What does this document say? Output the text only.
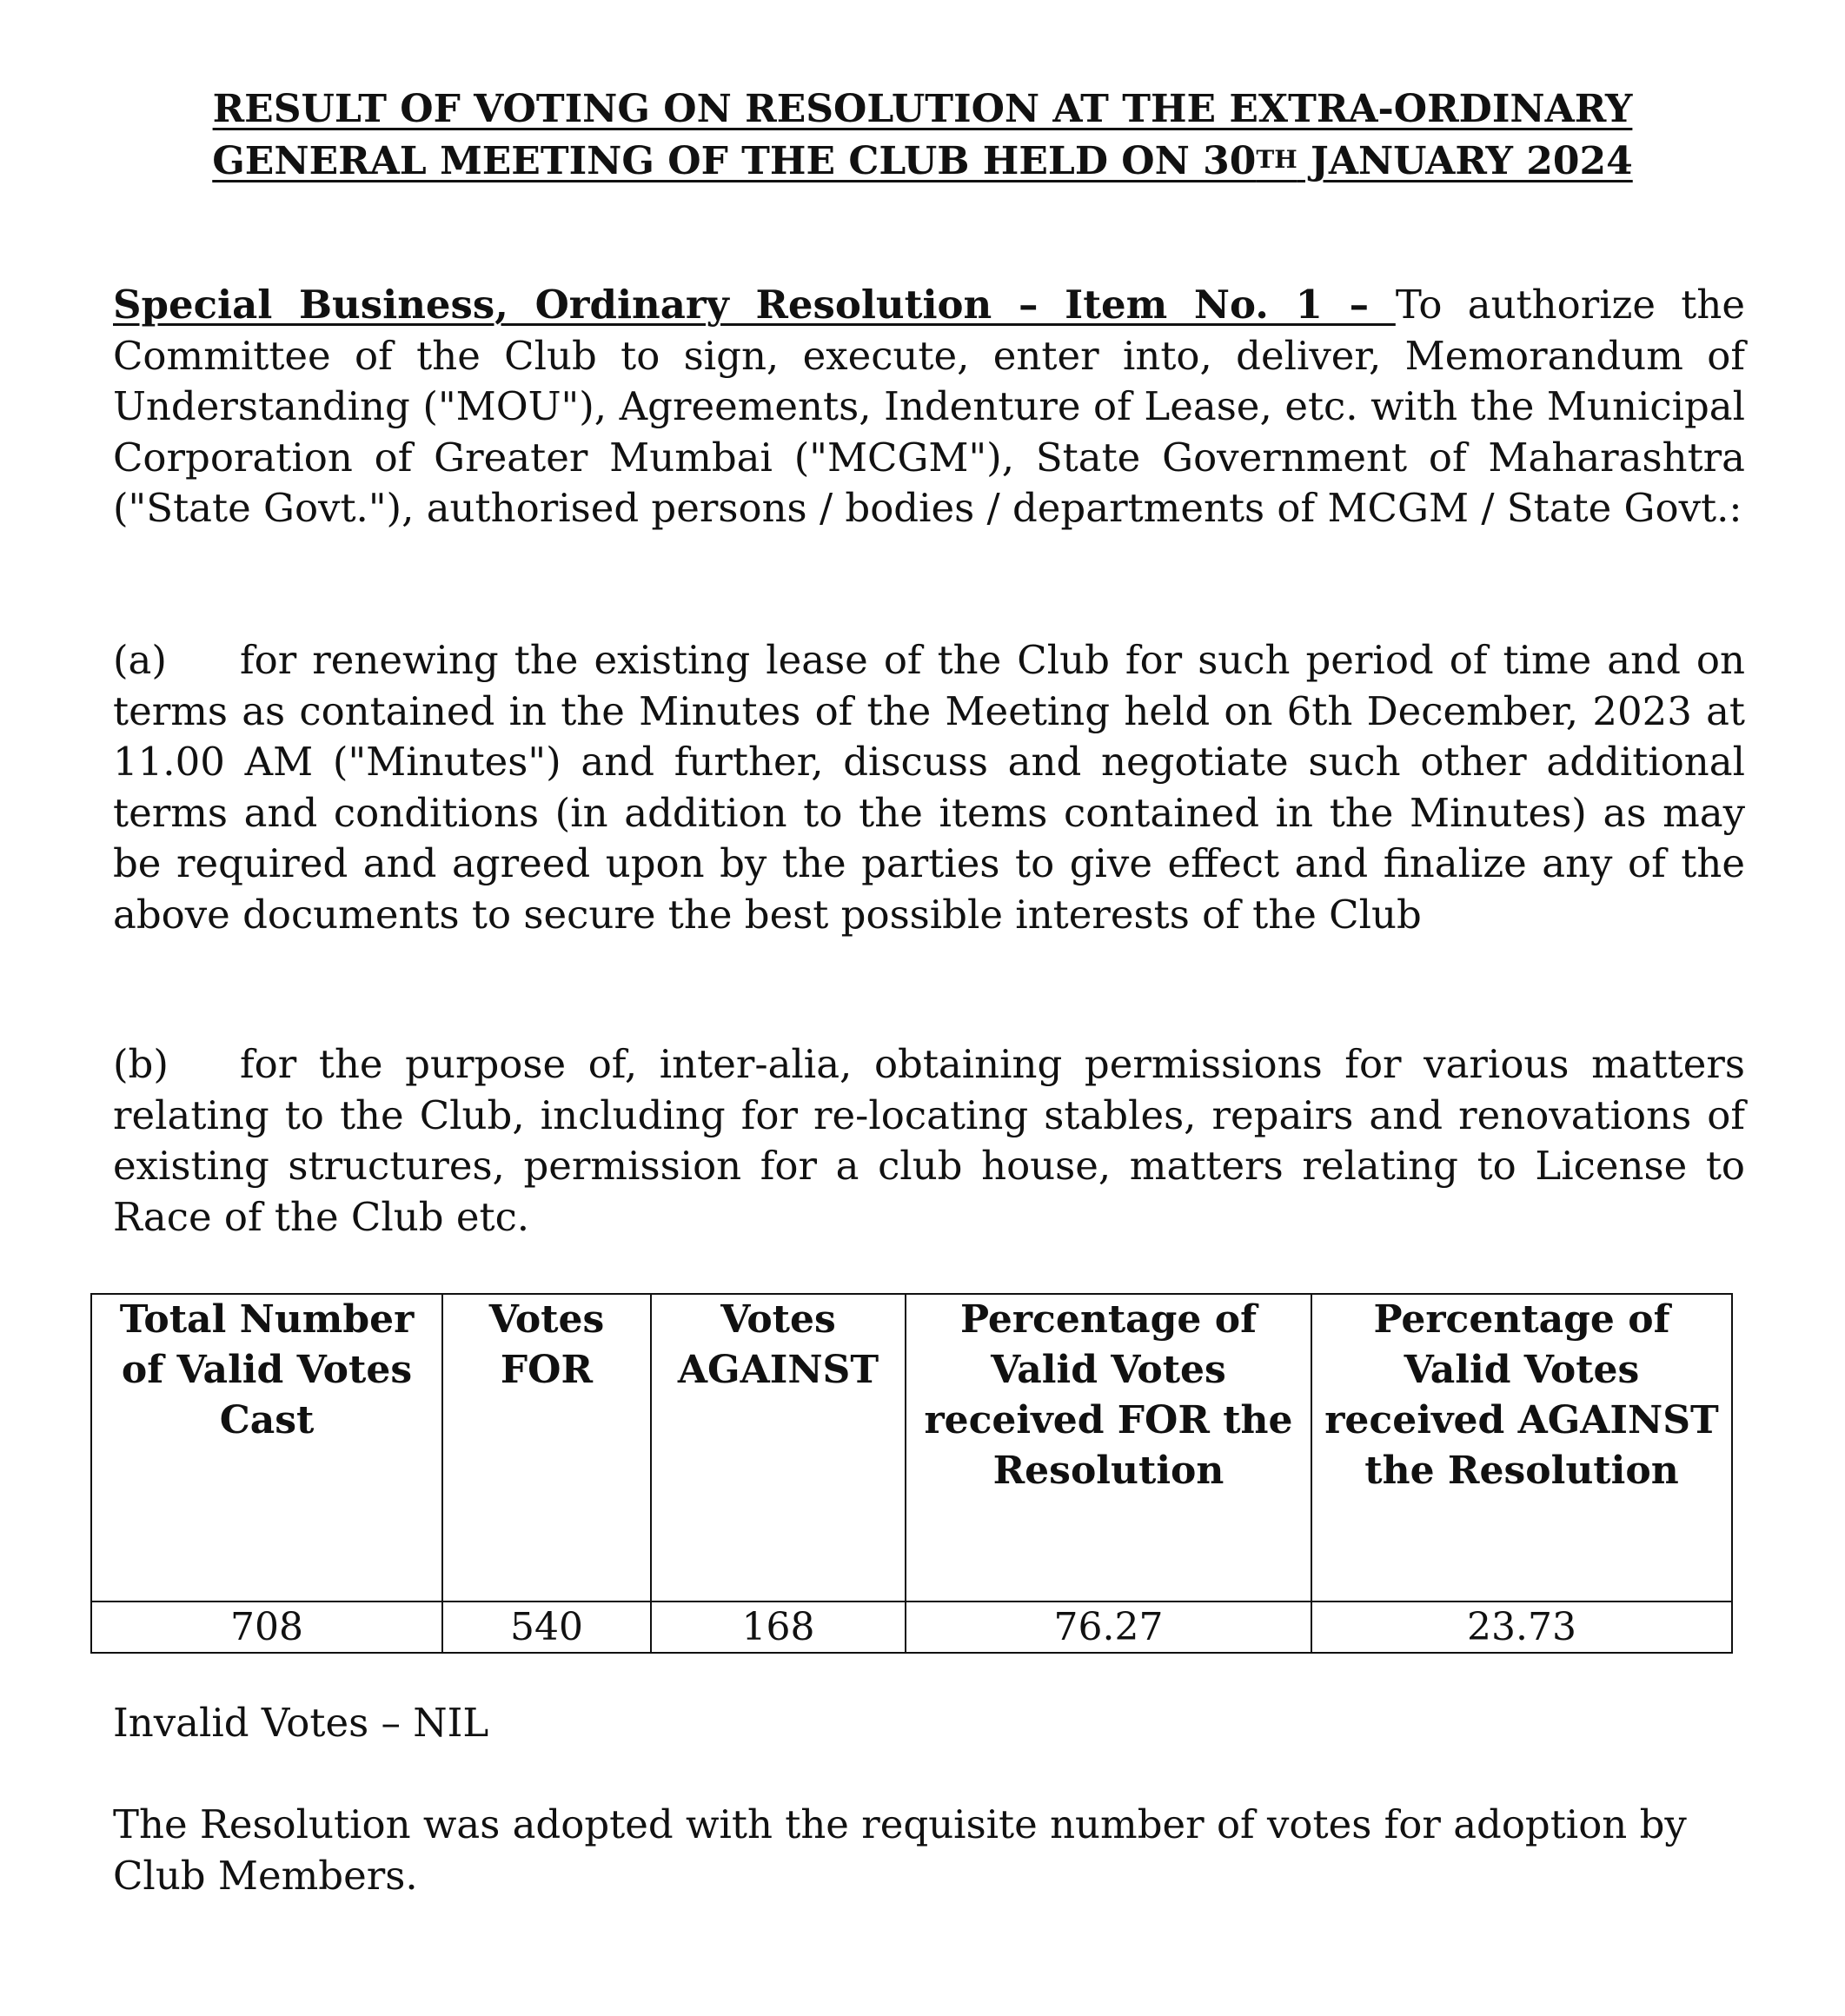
RESULT OF VOTING ON RESOLUTION AT THE EXTRA-ORDINARY
GENERAL MEETING OF THE CLUB HELD ON 30TH JANUARY 2024

Special Business, Ordinary Resolution – Item No. 1 – To authorize the Committee of the Club to sign, execute, enter into, deliver, Memorandum of Understanding ("MOU"), Agreements, Indenture of Lease, etc. with the Municipal Corporation of Greater Mumbai ("MCGM"), State Government of Maharashtra ("State Govt."), authorised persons / bodies / departments of MCGM / State Govt.:

(a) for renewing the existing lease of the Club for such period of time and on terms as contained in the Minutes of the Meeting held on 6th December, 2023 at 11.00 AM ("Minutes") and further, discuss and negotiate such other additional terms and conditions (in addition to the items contained in the Minutes) as may be required and agreed upon by the parties to give effect and finalize any of the above documents to secure the best possible interests of the Club

(b) for the purpose of, inter-alia, obtaining permissions for various matters relating to the Club, including for re-locating stables, repairs and renovations of existing structures, permission for a club house, matters relating to License to Race of the Club etc.

Total Number of Valid Votes Cast	Votes FOR	Votes AGAINST	Percentage of Valid Votes received FOR the Resolution	Percentage of Valid Votes received AGAINST the Resolution
708	540	168	76.27	23.73

Invalid Votes – NIL

The Resolution was adopted with the requisite number of votes for adoption by Club Members.
